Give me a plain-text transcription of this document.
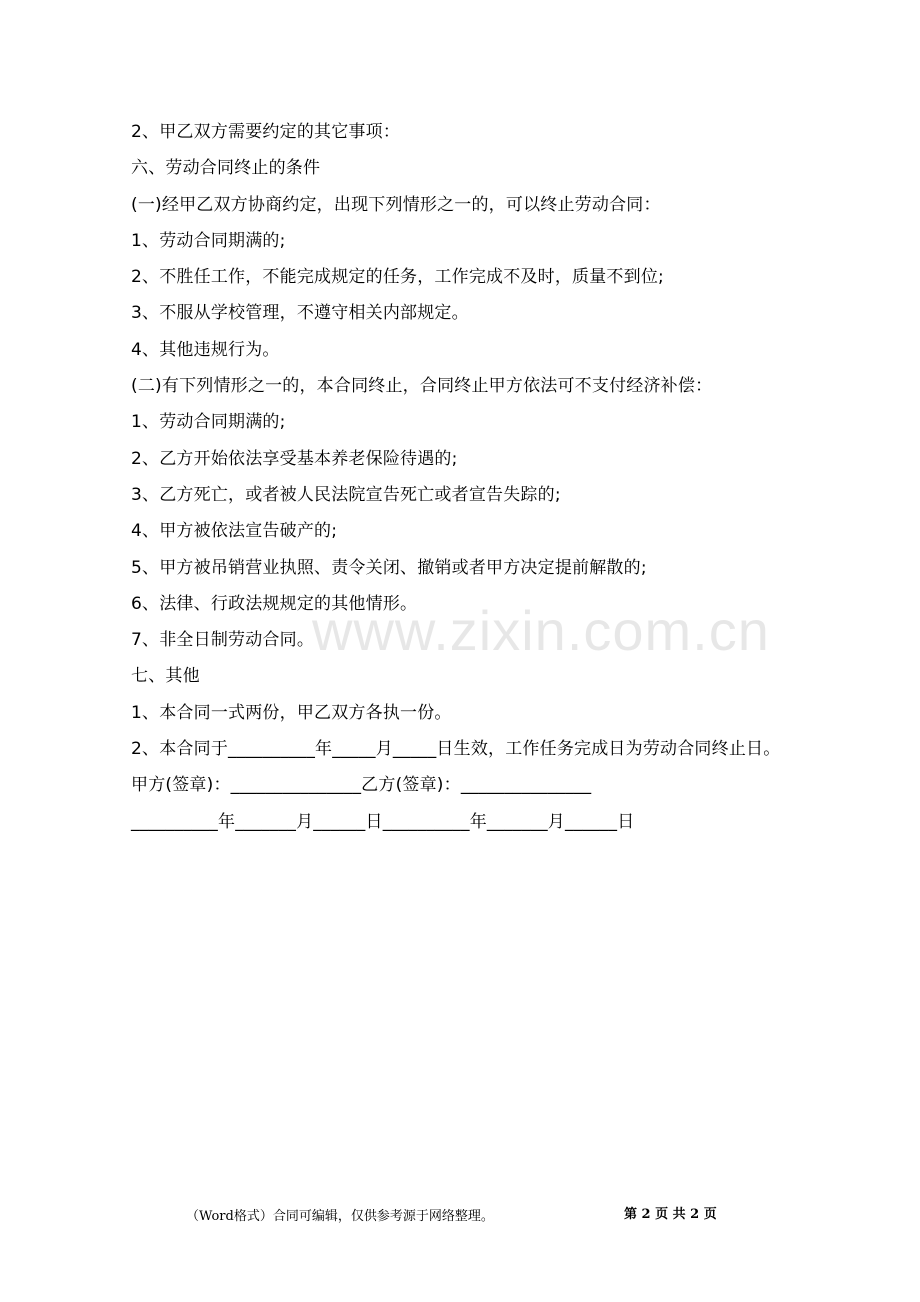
2、甲乙双方需要约定的其它事项：
六、劳动合同终止的条件
(一)经甲乙双方协商约定，出现下列情形之一的，可以终止劳动合同：
1、劳动合同期满的;
2、不胜任工作，不能完成规定的任务，工作完成不及时，质量不到位;
3、不服从学校管理，不遵守相关内部规定。
4、其他违规行为。
(二)有下列情形之一的，本合同终止，合同终止甲方依法可不支付经济补偿：
1、劳动合同期满的;
2、乙方开始依法享受基本养老保险待遇的;
3、乙方死亡，或者被人民法院宣告死亡或者宣告失踪的;
4、甲方被依法宣告破产的;
5、甲方被吊销营业执照、责令关闭、撤销或者甲方决定提前解散的;
6、法律、行政法规规定的其他情形。
7、非全日制劳动合同。
七、其他
1、本合同一式两份，甲乙双方各执一份。
2、本合同于__________年_____月_____日生效，工作任务完成日为劳动合同终止日。
甲方(签章)：_______________乙方(签章)：_______________
__________年_______月______日__________年_______月______日
www.zixin.com.cn
（Word格式）合同可编辑，仅供参考源于网络整理。	第 2 页 共 2 页
